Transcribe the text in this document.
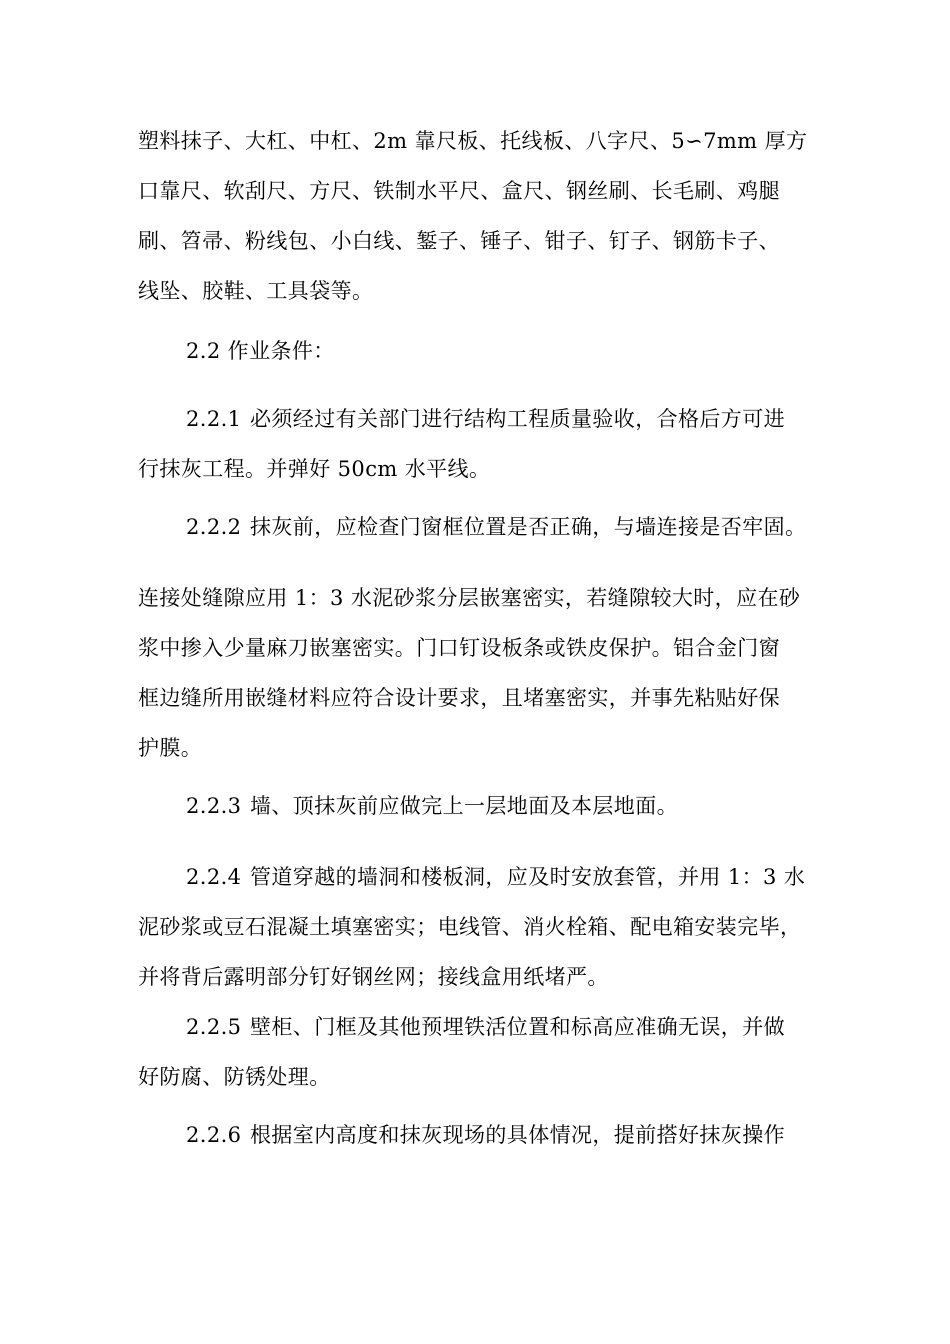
塑料抹子、大杠、中杠、2m 靠尺板、托线板、八字尺、5∽7mm 厚方
口靠尺、软刮尺、方尺、铁制水平尺、盒尺、钢丝刷、长毛刷、鸡腿
刷、笤帚、粉线包、小白线、錾子、锤子、钳子、钉子、钢筋卡子、
线坠、胶鞋、工具袋等。
2.2 作业条件：
2.2.1 必须经过有关部门进行结构工程质量验收，合格后方可进
行抹灰工程。并弹好 50cm 水平线。
2.2.2 抹灰前，应检查门窗框位置是否正确，与墙连接是否牢固。
连接处缝隙应用 1：3 水泥砂浆分层嵌塞密实，若缝隙较大时，应在砂
浆中掺入少量麻刀嵌塞密实。门口钉设板条或铁皮保护。铝合金门窗
框边缝所用嵌缝材料应符合设计要求，且堵塞密实，并事先粘贴好保
护膜。
2.2.3 墙、顶抹灰前应做完上一层地面及本层地面。
2.2.4 管道穿越的墙洞和楼板洞，应及时安放套管，并用 1：3 水
泥砂浆或豆石混凝土填塞密实；电线管、消火栓箱、配电箱安装完毕，
并将背后露明部分钉好钢丝网；接线盒用纸堵严。
2.2.5 壁柜、门框及其他预埋铁活位置和标高应准确无误，并做
好防腐、防锈处理。
2.2.6 根据室内高度和抹灰现场的具体情况，提前搭好抹灰操作
